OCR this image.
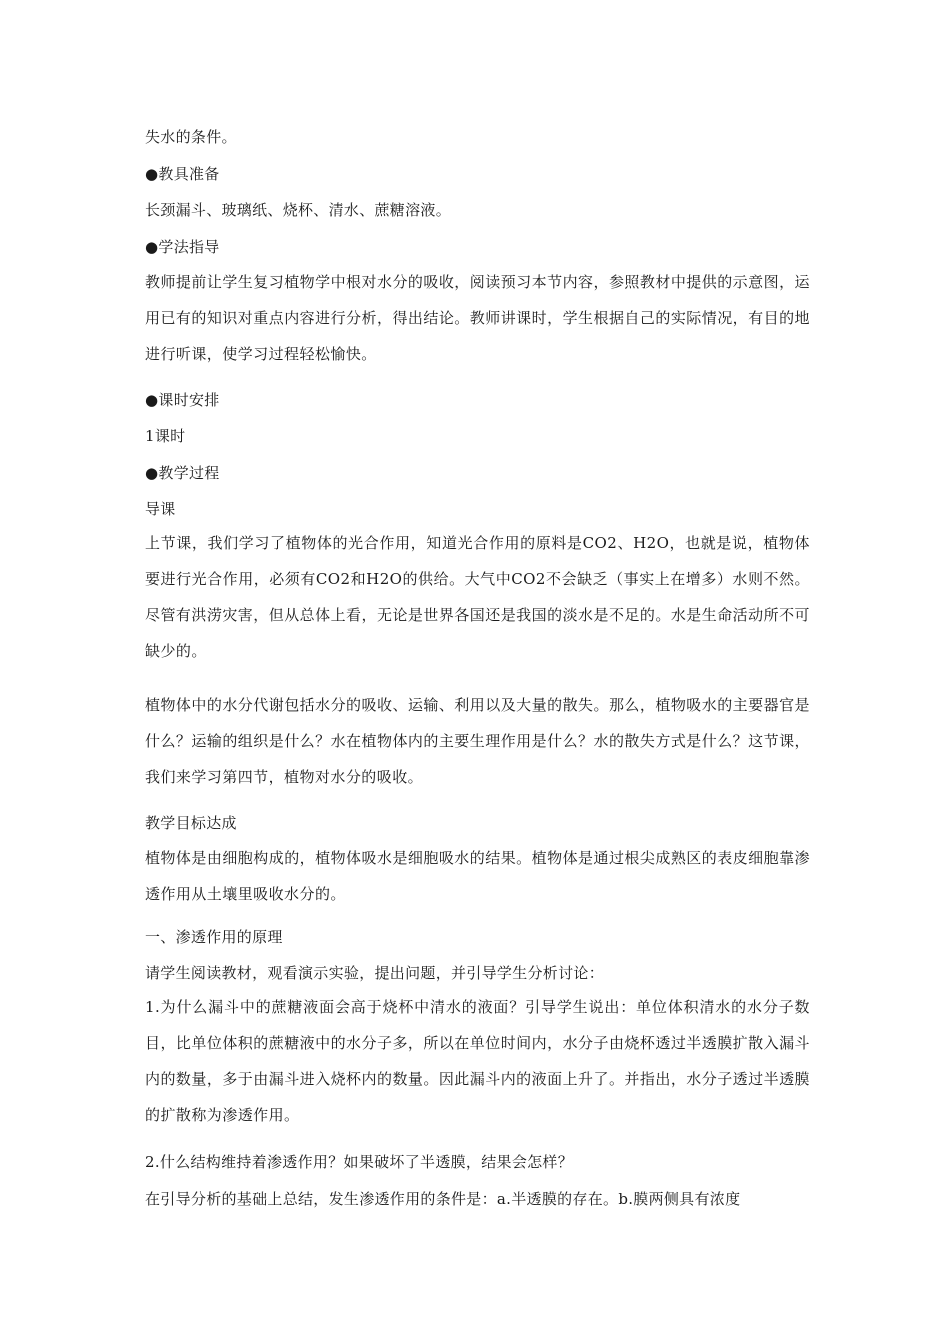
失水的条件。
●教具准备
长颈漏斗、玻璃纸、烧杯、清水、蔗糖溶液。
●学法指导
教师提前让学生复习植物学中根对水分的吸收，阅读预习本节内容，参照教材中提供的示意图，运用已有的知识对重点内容进行分析，得出结论。教师讲课时，学生根据自己的实际情况，有目的地进行听课，使学习过程轻松愉快。
●课时安排
1课时
●教学过程
导课
上节课，我们学习了植物体的光合作用，知道光合作用的原料是CO2、H2O，也就是说，植物体要进行光合作用，必须有CO2和H2O的供给。大气中CO2不会缺乏（事实上在增多）水则不然。尽管有洪涝灾害，但从总体上看，无论是世界各国还是我国的淡水是不足的。水是生命活动所不可缺少的。
植物体中的水分代谢包括水分的吸收、运输、利用以及大量的散失。那么，植物吸水的主要器官是什么？运输的组织是什么？水在植物体内的主要生理作用是什么？水的散失方式是什么？这节课，我们来学习第四节，植物对水分的吸收。
教学目标达成
植物体是由细胞构成的，植物体吸水是细胞吸水的结果。植物体是通过根尖成熟区的表皮细胞靠渗透作用从土壤里吸收水分的。
一、渗透作用的原理
请学生阅读教材，观看演示实验，提出问题，并引导学生分析讨论：
1.为什么漏斗中的蔗糖液面会高于烧杯中清水的液面？引导学生说出：单位体积清水的水分子数目，比单位体积的蔗糖液中的水分子多，所以在单位时间内，水分子由烧杯透过半透膜扩散入漏斗内的数量，多于由漏斗进入烧杯内的数量。因此漏斗内的液面上升了。并指出，水分子透过半透膜的扩散称为渗透作用。
2.什么结构维持着渗透作用？如果破坏了半透膜，结果会怎样？
在引导分析的基础上总结，发生渗透作用的条件是：a.半透膜的存在。b.膜两侧具有浓度
